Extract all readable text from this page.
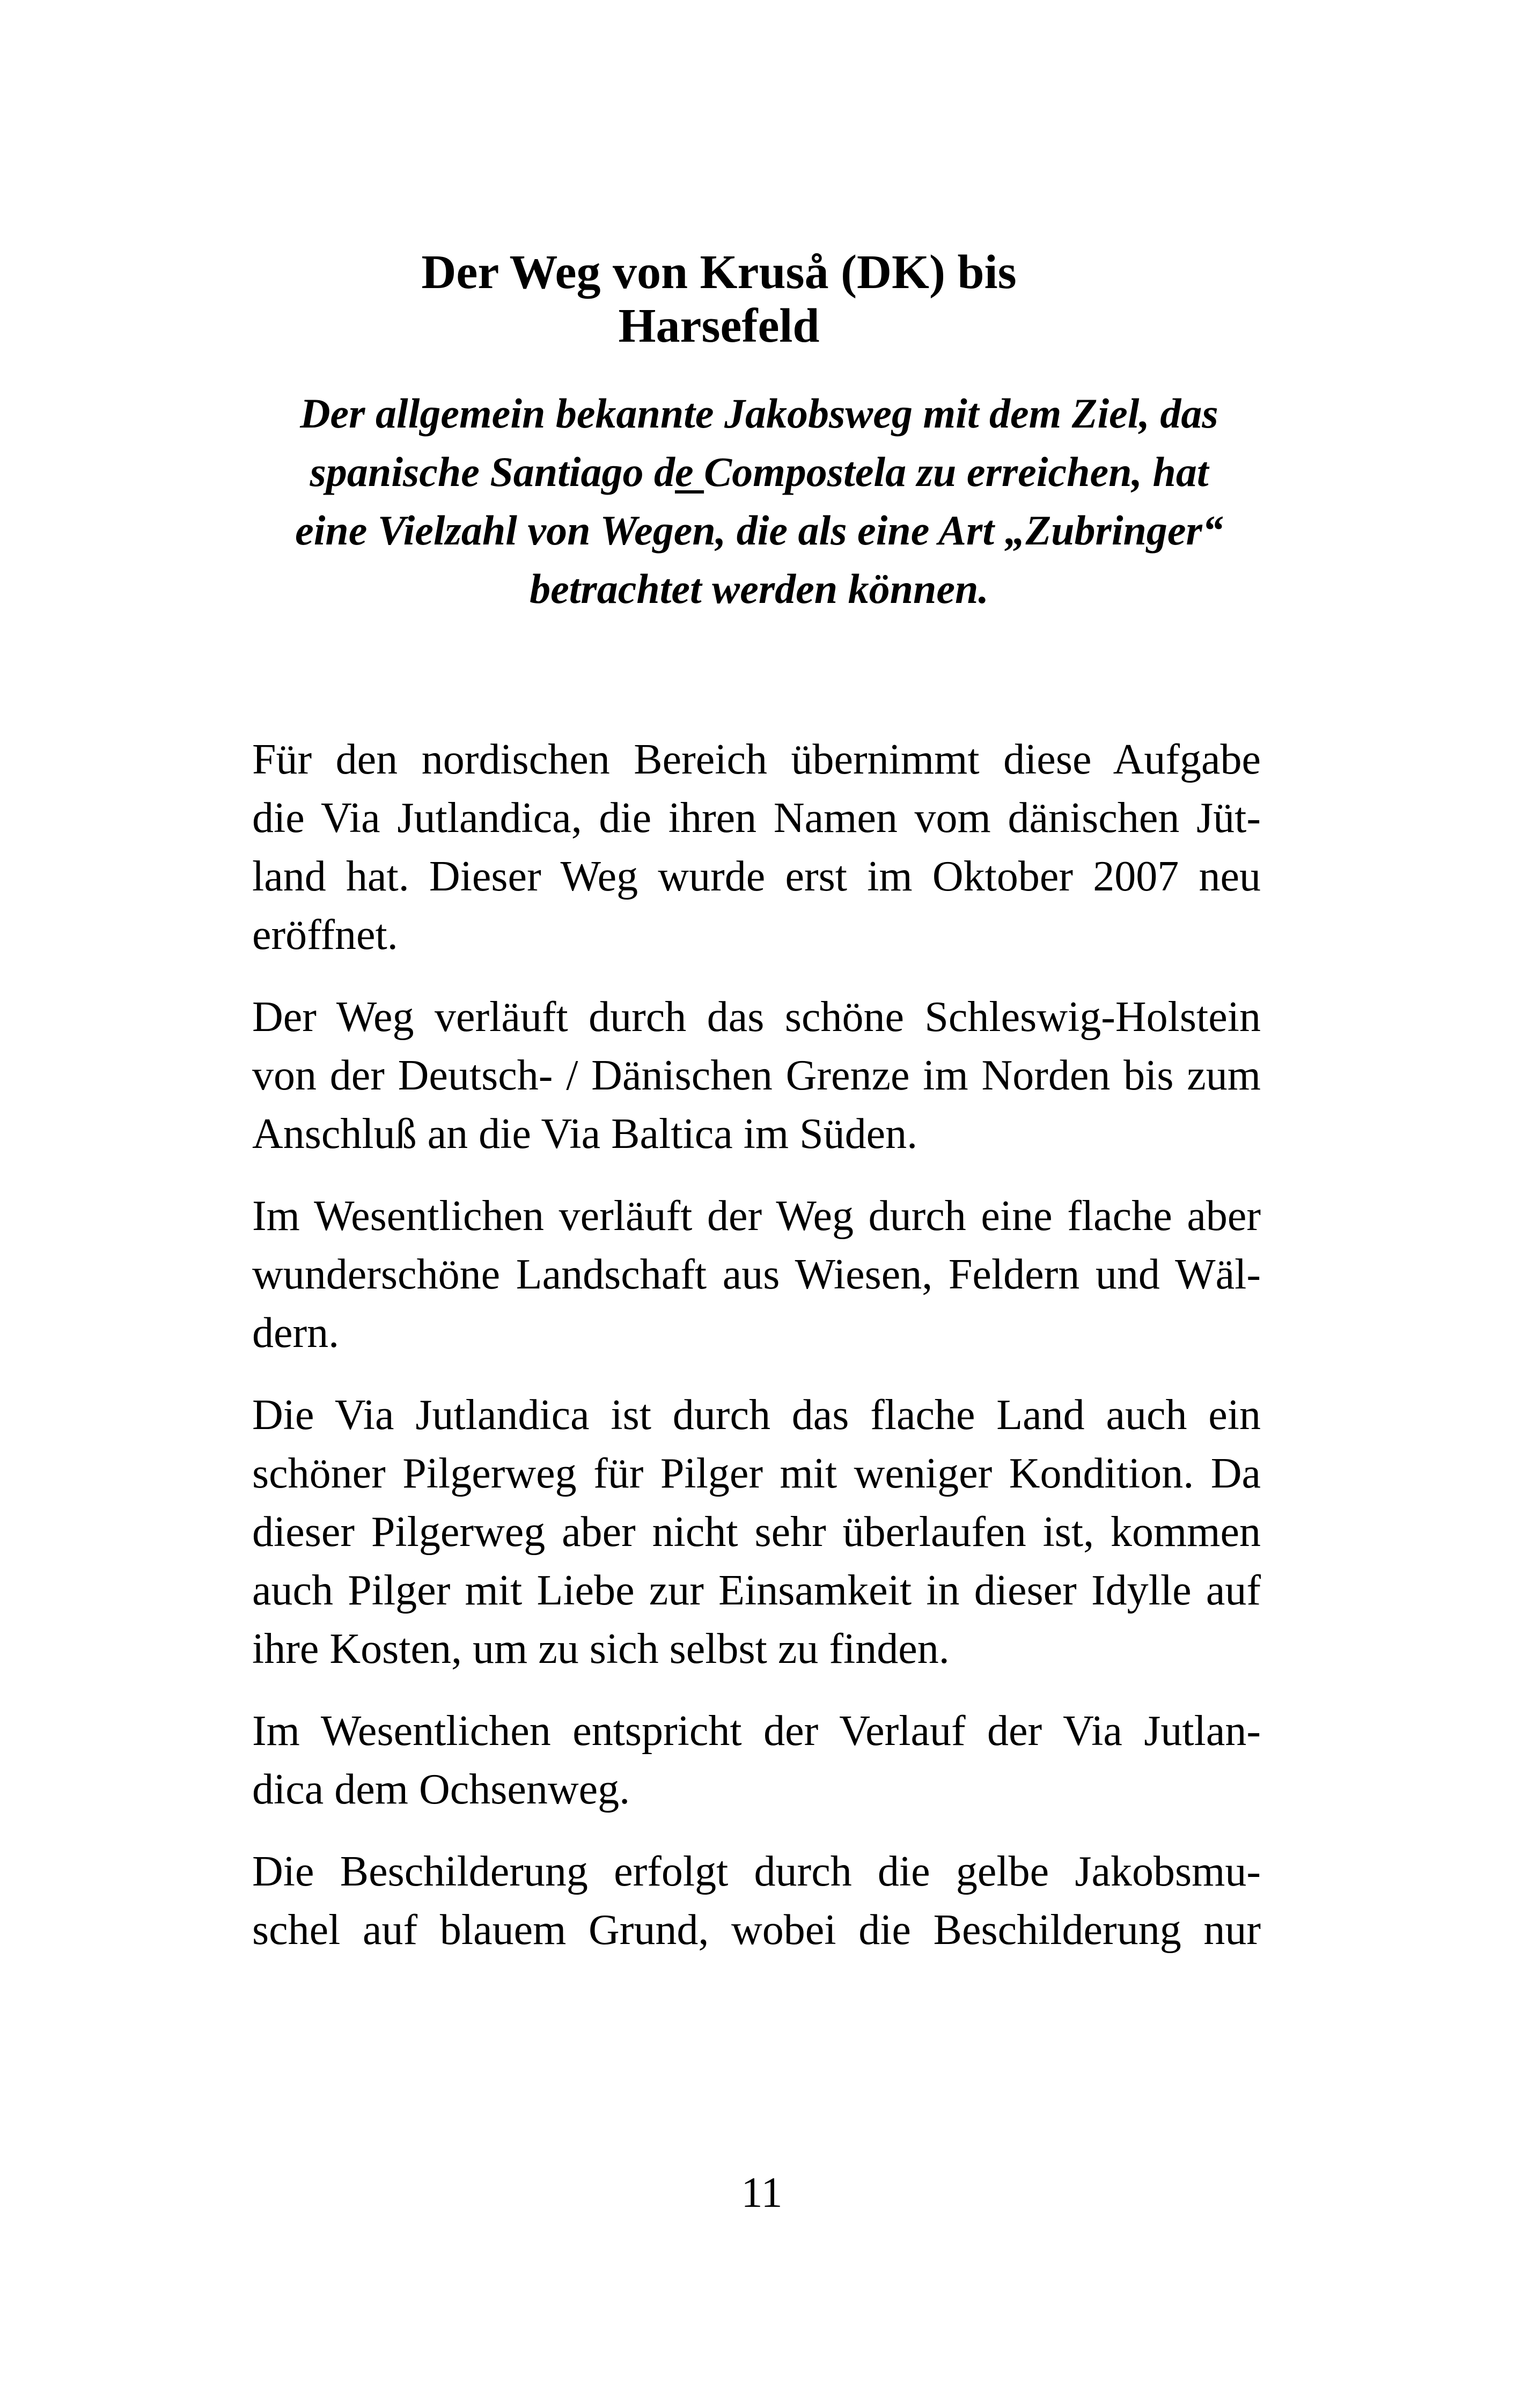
Der Weg von Kruså (DK) bis
Harsefeld
Der allgemein bekannte Jakobsweg mit dem Ziel, das
spanische Santiago de Compostela zu erreichen, hat
eine Vielzahl von Wegen, die als eine Art „Zubringer“
betrachtet werden können.

Für den nordischen Bereich übernimmt diese Aufgabe
die Via Jutlandica, die ihren Namen vom dänischen Jüt-
land hat. Dieser Weg wurde erst im Oktober 2007 neu
eröffnet.

Der Weg verläuft durch das schöne Schleswig-Holstein
von der Deutsch- / Dänischen Grenze im Norden bis zum
Anschluß an die Via Baltica im Süden.

Im Wesentlichen verläuft der Weg durch eine flache aber
wunderschöne Landschaft aus Wiesen, Feldern und Wäl-
dern.

Die Via Jutlandica ist durch das flache Land auch ein
schöner Pilgerweg für Pilger mit weniger Kondition. Da
dieser Pilgerweg aber nicht sehr überlaufen ist, kommen
auch Pilger mit Liebe zur Einsamkeit in dieser Idylle auf
ihre Kosten, um zu sich selbst zu finden.

Im Wesentlichen entspricht der Verlauf der Via Jutlan-
dica dem Ochsenweg.

Die Beschilderung erfolgt durch die gelbe Jakobsmu-
schel auf blauem Grund, wobei die Beschilderung nur

11
